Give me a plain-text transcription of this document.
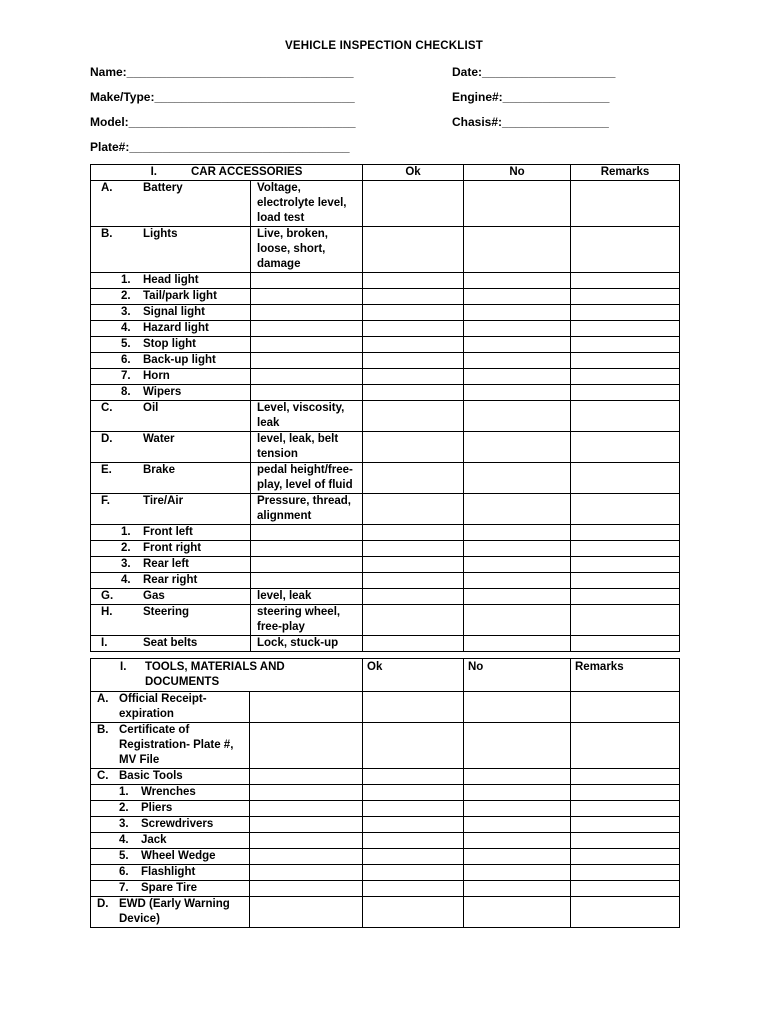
VEHICLE INSPECTION CHECKLIST
Name:__________________________________	Date:____________________
Make/Type:______________________________	Engine#:________________
Model:__________________________________	Chasis#:________________
Plate#:_________________________________
I. CAR ACCESSORIES		Ok	No	Remarks
A. Battery	Voltage, electrolyte level, load test			
B. Lights	Live, broken, loose, short, damage			
1. Head light				
2. Tail/park light				
3. Signal light				
4. Hazard light				
5. Stop light				
6. Back-up light				
7. Horn				
8. Wipers				
C. Oil	Level, viscosity, leak			
D. Water	level, leak, belt tension			
E. Brake	pedal height/free-play, level of fluid			
F. Tire/Air	Pressure, thread, alignment			
1. Front left				
2. Front right				
3. Rear left				
4. Rear right				
G. Gas	level, leak			
H. Steering	steering wheel, free-play			
I. Seat belts	Lock, stuck-up			
I. TOOLS, MATERIALS AND DOCUMENTS		Ok	No	Remarks

A. Official Receipt-expiration				

B. Certificate of Registration- Plate #, MV File				

C. Basic Tools				

1. Wrenches				

2. Pliers				

3. Screwdrivers				

4. Jack				

5. Wheel Wedge				

6. Flashlight				

7. Spare Tire				

D. EWD (Early Warning Device)				
